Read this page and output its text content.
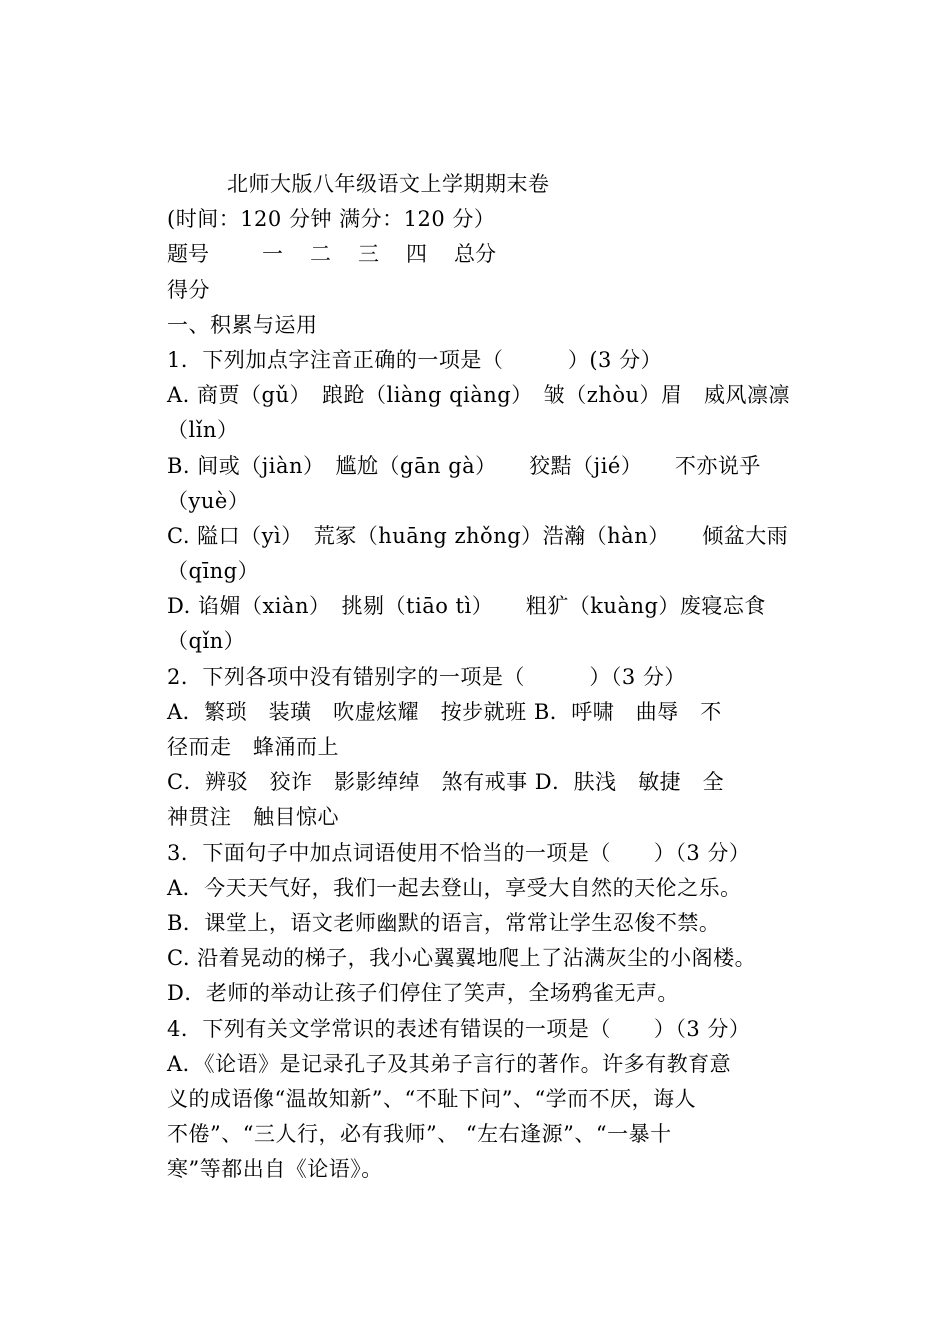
北师大版八年级语文上学期期末卷
(时间：120 分钟 满分：120 分）
题号	一	二	三	四	总分
得分
一、积累与运用
1．下列加点字注音正确的一项是（　　　）(3 分）
A. 商贾（gǔ）　踉跄（liàng qiàng）　皱（zhòu）眉　威风凛凛
（lǐn）
B. 间或（jiàn）　尴尬（gān gà）　　狡黠（jié）　　不亦说乎
（yuè）
C. 隘口（yì）　荒冢（huāng zhǒng）浩瀚（hàn）　　倾盆大雨
（qīng）
D. 谄媚（xiàn）　挑剔（tiāo tì）　　粗犷（kuàng）废寝忘食
（qǐn）
2．下列各项中没有错别字的一项是（　　　）（3 分）
A．繁琐　装璜　吹虚炫耀　按步就班 B．呼啸　曲辱　不
径而走　蜂涌而上
C．辨驳　狡诈　影影绰绰　煞有戒事 D．肤浅　敏捷　全
神贯注　触目惊心
3．下面句子中加点词语使用不恰当的一项是（　　）（3 分）
A．今天天气好，我们一起去登山，享受大自然的天伦之乐。
B．课堂上，语文老师幽默的语言，常常让学生忍俊不禁。
C. 沿着晃动的梯子，我小心翼翼地爬上了沾满灰尘的小阁楼。
D．老师的举动让孩子们停住了笑声，全场鸦雀无声。
4．下列有关文学常识的表述有错误的一项是（　　）（3 分）
A．《论语》是记录孔子及其弟子言行的著作。许多有教育意
义的成语像“温故知新”、“不耻下问”、“学而不厌，诲人
不倦”、“三人行，必有我师”、 “左右逢源”、“一暴十
寒”等都出自《论语》。
